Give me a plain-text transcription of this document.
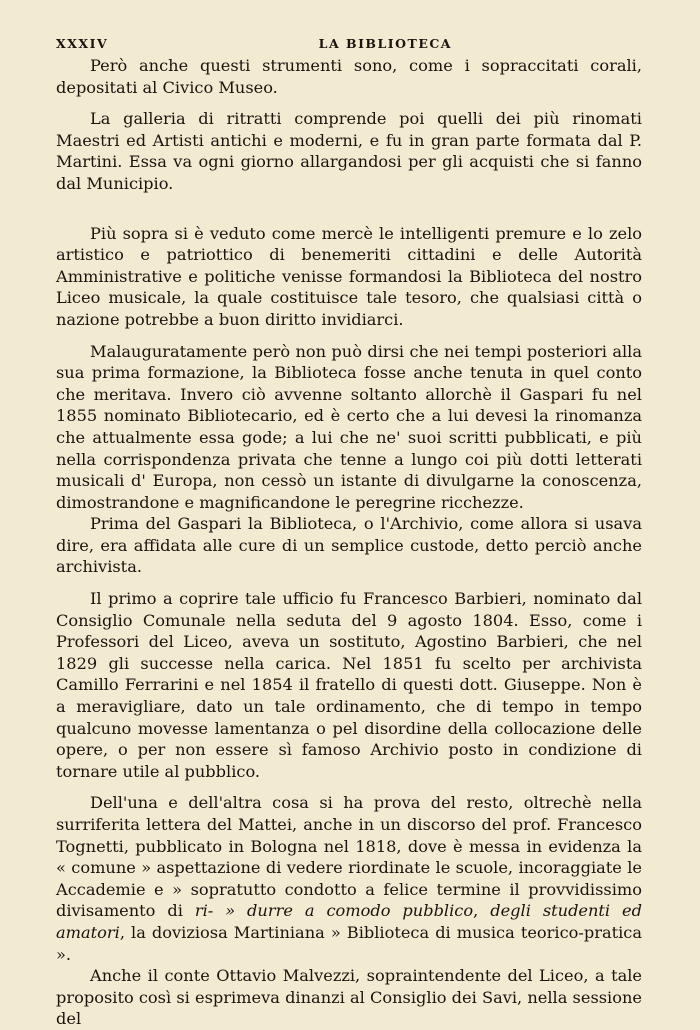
XXXIV	LA BIBLIOTECA

Però anche questi strumenti sono, come i sopraccitati corali, depositati al Civico Museo.

La galleria di ritratti comprende poi quelli dei più rinomati Maestri ed Artisti antichi e moderni, e fu in gran parte formata dal P. Martini. Essa va ogni giorno allargandosi per gli acquisti che si fanno dal Municipio.

Più sopra si è veduto come mercè le intelligenti premure e lo zelo artistico e patriottico di benemeriti cittadini e delle Autorità Amministrative e politiche venisse formandosi la Biblioteca del nostro Liceo musicale, la quale costituisce tale tesoro, che qualsiasi città o nazione potrebbe a buon diritto invidiarci.

Malauguratamente però non può dirsi che nei tempi posteriori alla sua prima formazione, la Biblioteca fosse anche tenuta in quel conto che meritava. Invero ciò avvenne soltanto allorchè il Gaspari fu nel 1855 nominato Bibliotecario, ed è certo che a lui devesi la rinomanza che attualmente essa gode; a lui che ne' suoi scritti pubblicati, e più nella corrispondenza privata che tenne a lungo coi più dotti letterati musicali d' Europa, non cessò un istante di divulgarne la conoscenza, dimostrandone e magnificandone le peregrine ricchezze.

Prima del Gaspari la Biblioteca, o l'Archivio, come allora si usava dire, era affidata alle cure di un semplice custode, detto perciò anche archivista.

Il primo a coprire tale ufficio fu Francesco Barbieri, nominato dal Consiglio Comunale nella seduta del 9 agosto 1804. Esso, come i Professori del Liceo, aveva un sostituto, Agostino Barbieri, che nel 1829 gli successe nella carica. Nel 1851 fu scelto per archivista Camillo Ferrarini e nel 1854 il fratello di questi dott. Giuseppe. Non è a meravigliare, dato un tale ordinamento, che di tempo in tempo qualcuno movesse lamentanza o pel disordine della collocazione delle opere, o per non essere sì famoso Archivio posto in condizione di tornare utile al pubblico.

Dell'una e dell'altra cosa si ha prova del resto, oltrechè nella surriferita lettera del Mattei, anche in un discorso del prof. Francesco Tognetti, pubblicato in Bologna nel 1818, dove è messa in evidenza la « comune » aspettazione di vedere riordinate le scuole, incoraggiate le Accademie e » sopratutto condotto a felice termine il provvidissimo divisamento di ri- » durre a comodo pubblico, degli studenti ed amatori, la doviziosa Martiniana » Biblioteca di musica teorico-pratica ».

Anche il conte Ottavio Malvezzi, sopraintendente del Liceo, a tale proposito così si esprimeva dinanzi al Consiglio dei Savi, nella sessione del
